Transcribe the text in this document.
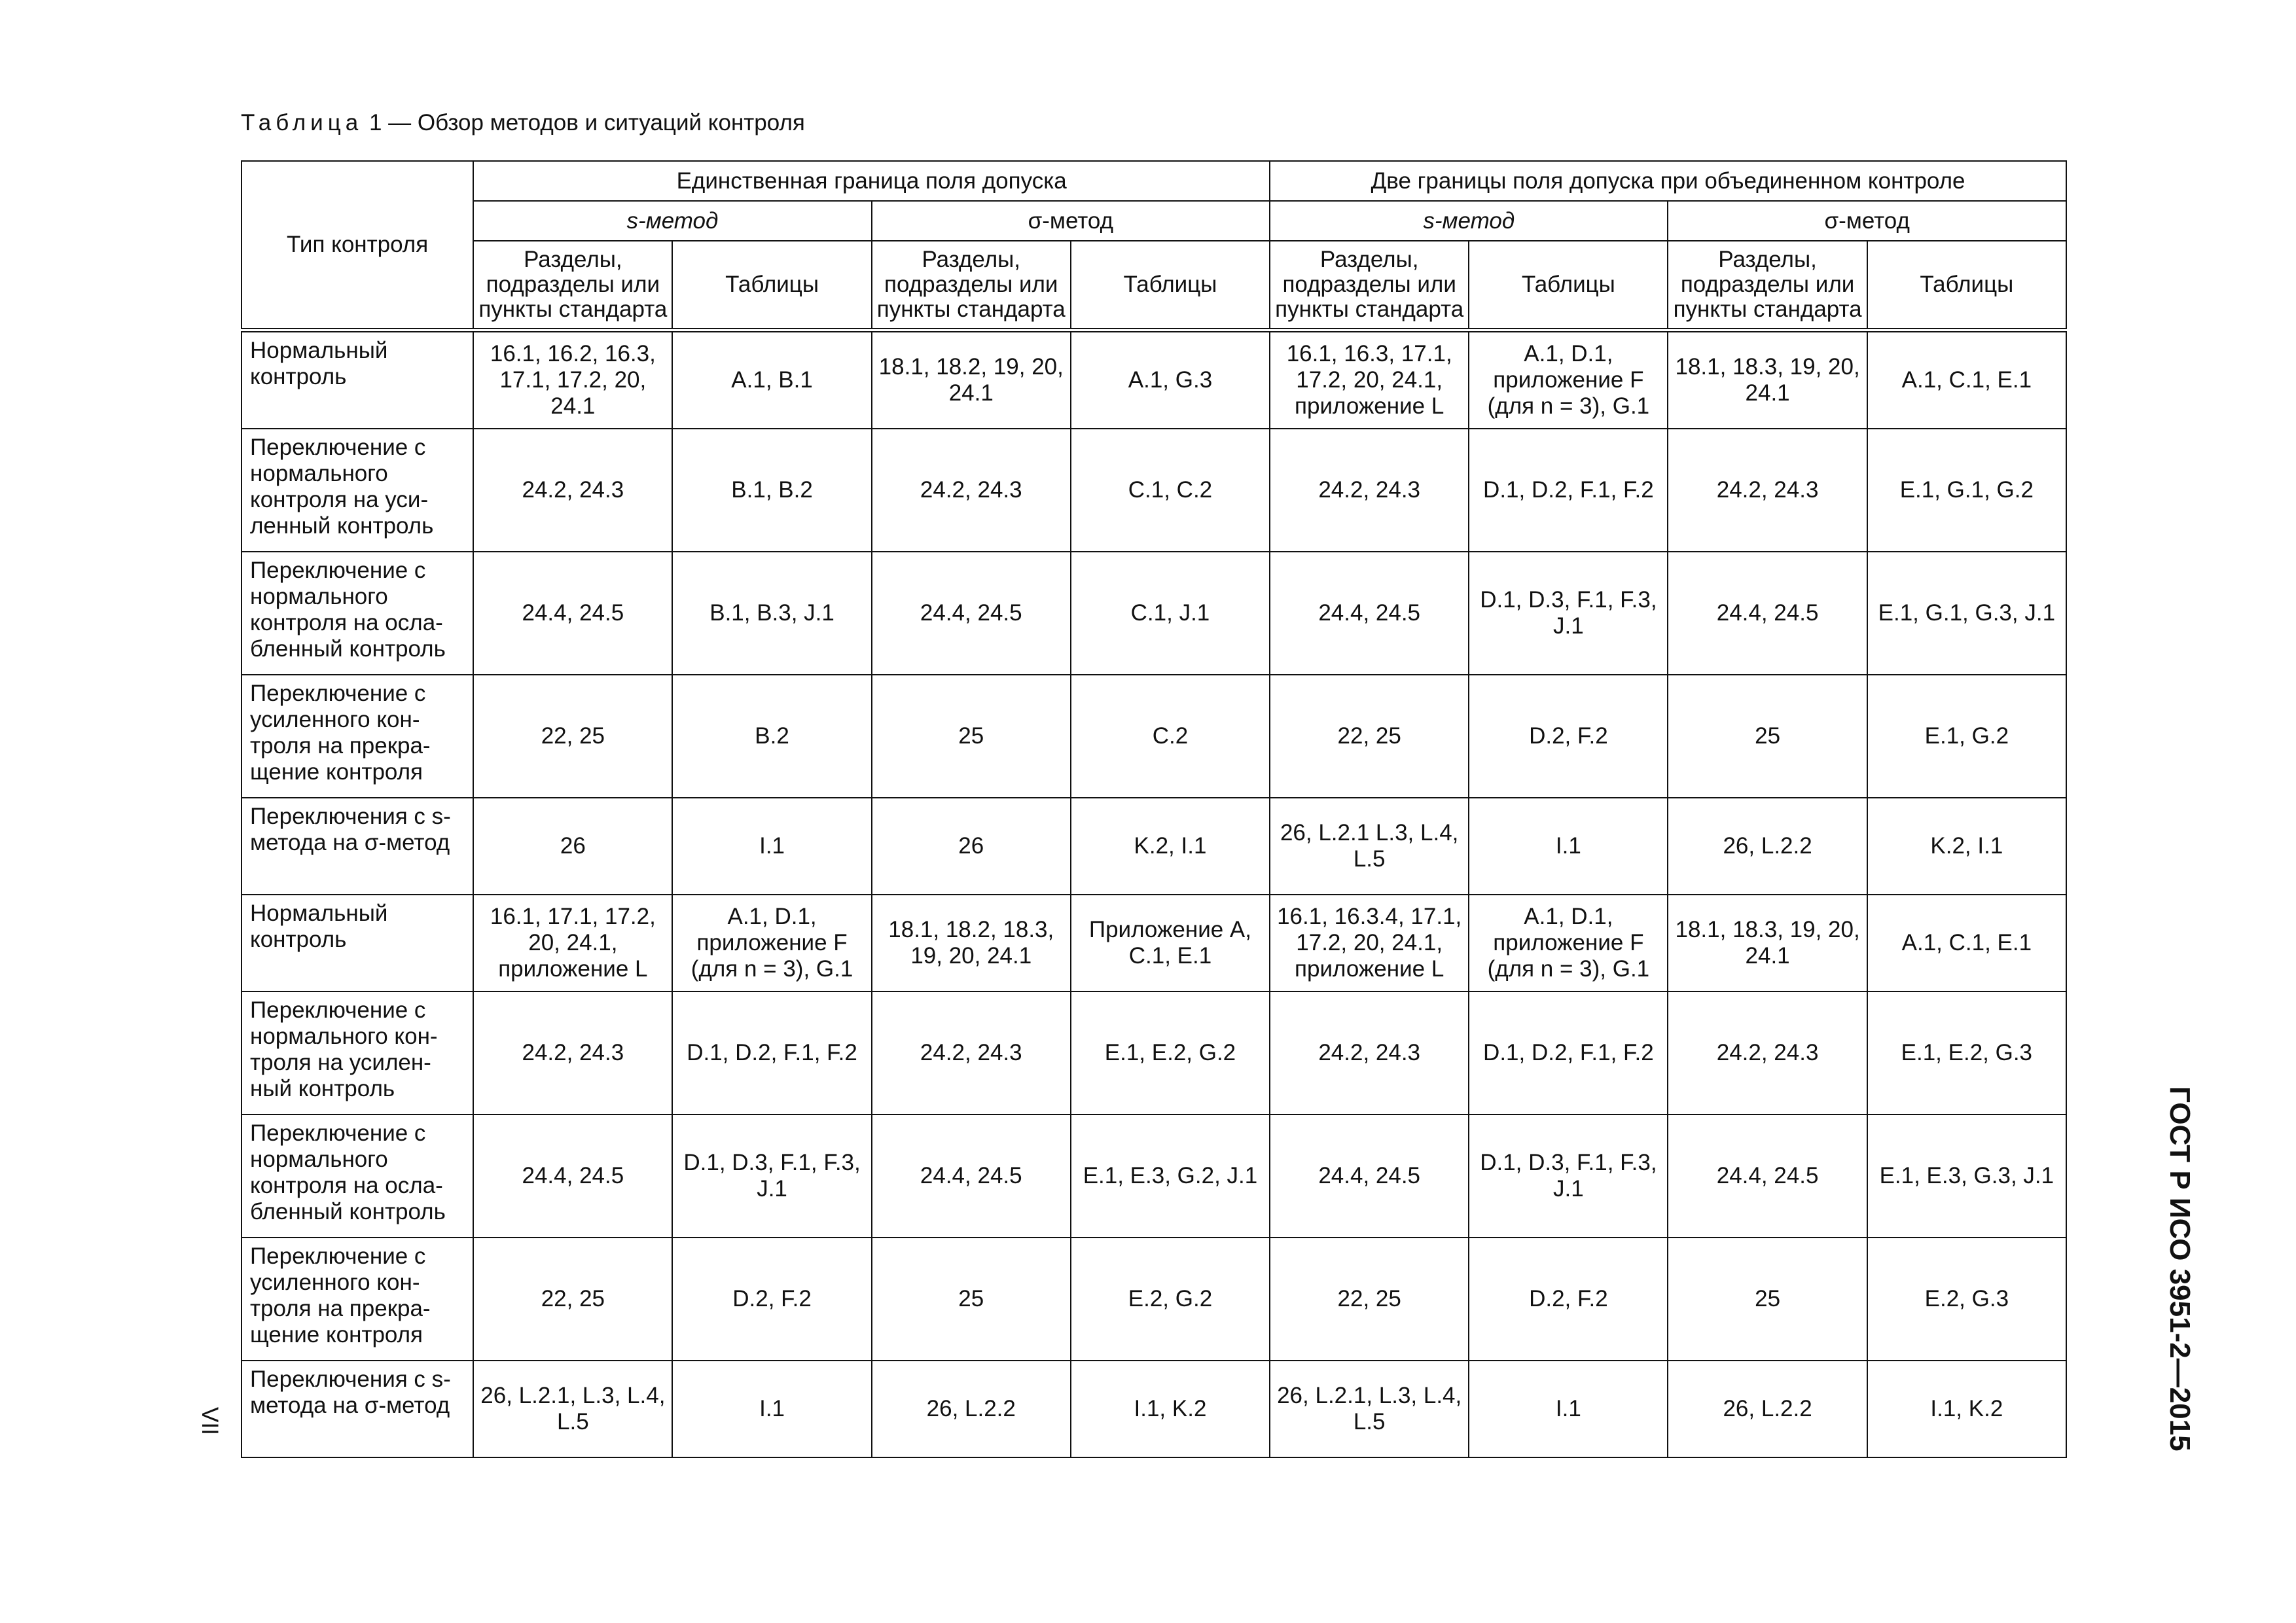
Таблица 1 — Обзор методов и ситуаций контроля
Тип контроля	Единственная граница поля допуска				Две границы поля допуска при объединенном контроле			
	s-метод		σ-метод		s-метод		σ-метод	
	Разделы, подразделы или пункты стандарта	Таблицы	Разделы, подразделы или пункты стандарта	Таблицы	Разделы, подразделы или пункты стандарта	Таблицы	Разделы, подразделы или пункты стандарта	Таблицы
Нормальный контроль	16.1, 16.2, 16.3, 17.1, 17.2, 20, 24.1	A.1, B.1	18.1, 18.2, 19, 20, 24.1	A.1, G.3	16.1, 16.3, 17.1, 17.2, 20, 24.1, приложение L	A.1, D.1, приложение F (для n = 3), G.1	18.1, 18.3, 19, 20, 24.1	A.1, C.1, E.1
Переключение с нормального контроля на уси-ленный контроль	24.2, 24.3	B.1, B.2	24.2, 24.3	C.1, C.2	24.2, 24.3	D.1, D.2, F.1, F.2	24.2, 24.3	E.1, G.1, G.2
Переключение с нормального контроля на осла-бленный контроль	24.4, 24.5	B.1, B.3, J.1	24.4, 24.5	C.1, J.1	24.4, 24.5	D.1, D.3, F.1, F.3, J.1	24.4, 24.5	E.1, G.1, G.3, J.1
Переключение с усиленного кон-троля на прекра-щение контроля	22, 25	B.2	25	C.2	22, 25	D.2, F.2	25	E.1, G.2
Переключения с s-метода на σ-метод	26	I.1	26	K.2, I.1	26, L.2.1 L.3, L.4, L.5	I.1	26, L.2.2	K.2, I.1
Нормальный контроль	16.1, 17.1, 17.2, 20, 24.1, приложение L	A.1, D.1, приложение F (для n = 3), G.1	18.1, 18.2, 18.3, 19, 20, 24.1	Приложение A, C.1, E.1	16.1, 16.3.4, 17.1, 17.2, 20, 24.1, приложение L	A.1, D.1, приложение F (для n = 3), G.1	18.1, 18.3, 19, 20, 24.1	A.1, C.1, E.1
Переключение с нормального кон-троля на усилен-ный контроль	24.2, 24.3	D.1, D.2, F.1, F.2	24.2, 24.3	E.1, E.2, G.2	24.2, 24.3	D.1, D.2, F.1, F.2	24.2, 24.3	E.1, E.2, G.3
Переключение с нормального контроля на осла-бленный контроль	24.4, 24.5	D.1, D.3, F.1, F.3, J.1	24.4, 24.5	E.1, E.3, G.2, J.1	24.4, 24.5	D.1, D.3, F.1, F.3, J.1	24.4, 24.5	E.1, E.3, G.3, J.1
Переключение с усиленного кон-троля на прекра-щение контроля	22, 25	D.2, F.2	25	E.2, G.2	22, 25	D.2, F.2	25	E.2, G.3
Переключения с s-метода на σ-метод	26, L.2.1, L.3, L.4, L.5	I.1	26, L.2.2	I.1, K.2	26, L.2.1, L.3, L.4, L.5	I.1	26, L.2.2	I.1, K.2	ГОСТ Р ИСО 3951-2—2015
VII
